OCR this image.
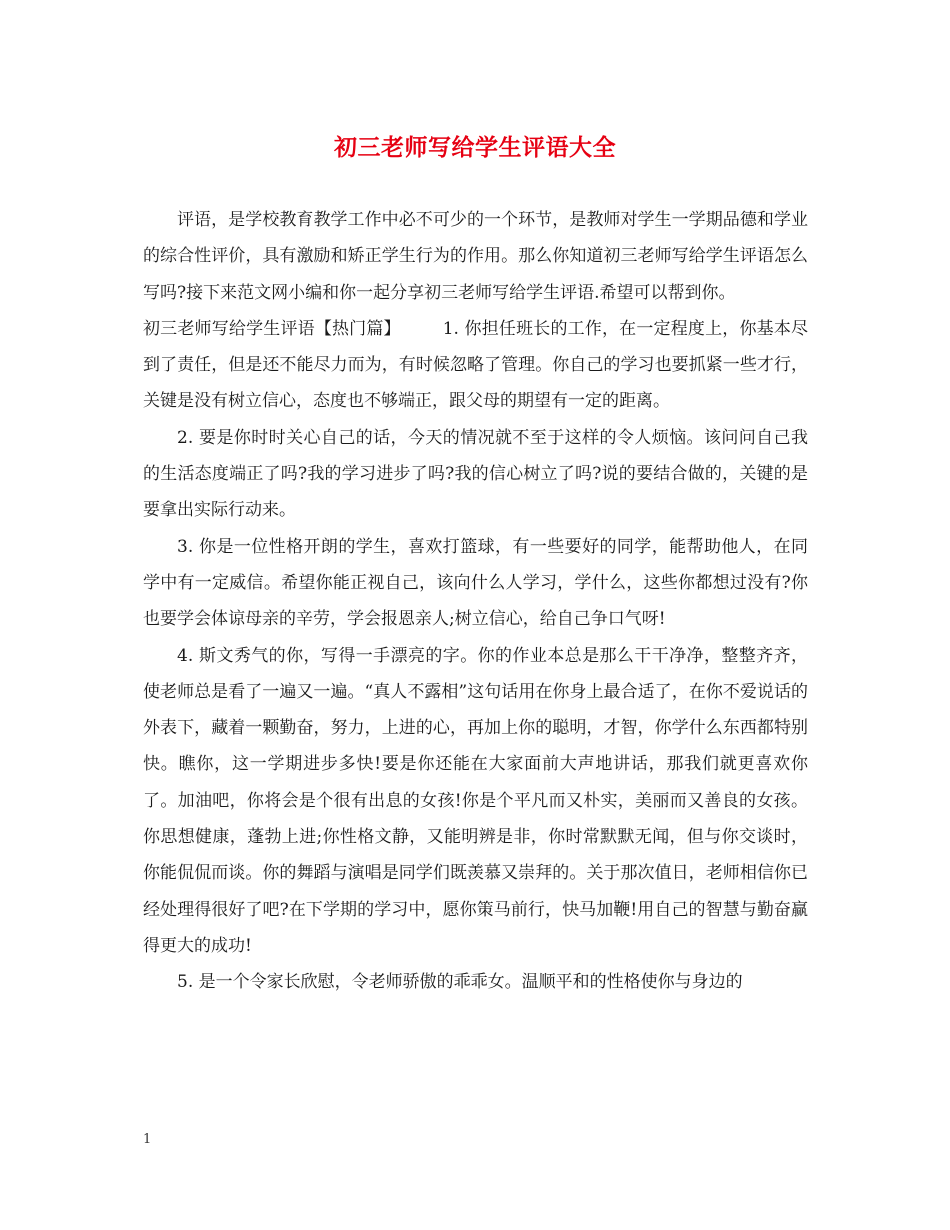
初三老师写给学生评语大全

评语，是学校教育教学工作中必不可少的一个环节，是教师对学生一学期品德和学业的综合性评价，具有激励和矫正学生行为的作用。那么你知道初三老师写给学生评语怎么写吗?接下来范文网小编和你一起分享初三老师写给学生评语.希望可以帮到你。

初三老师写给学生评语【热门篇】 1. 你担任班长的工作，在一定程度上，你基本尽到了责任，但是还不能尽力而为，有时候忽略了管理。你自己的学习也要抓紧一些才行，关键是没有树立信心，态度也不够端正，跟父母的期望有一定的距离。

2. 要是你时时关心自己的话，今天的情况就不至于这样的令人烦恼。该问问自己我的生活态度端正了吗?我的学习进步了吗?我的信心树立了吗?说的要结合做的，关键的是要拿出实际行动来。

3. 你是一位性格开朗的学生，喜欢打篮球，有一些要好的同学，能帮助他人，在同学中有一定威信。希望你能正视自己，该向什么人学习，学什么，这些你都想过没有?你也要学会体谅母亲的辛劳，学会报恩亲人;树立信心，给自己争口气呀!

4. 斯文秀气的你，写得一手漂亮的字。你的作业本总是那么干干净净，整整齐齐，使老师总是看了一遍又一遍。“真人不露相”这句话用在你身上最合适了，在你不爱说话的外表下，藏着一颗勤奋，努力，上进的心，再加上你的聪明，才智，你学什么东西都特别快。瞧你，这一学期进步多快!要是你还能在大家面前大声地讲话，那我们就更喜欢你了。加油吧，你将会是个很有出息的女孩!你是个平凡而又朴实，美丽而又善良的女孩。你思想健康，蓬勃上进;你性格文静，又能明辨是非，你时常默默无闻，但与你交谈时，你能侃侃而谈。你的舞蹈与演唱是同学们既羡慕又崇拜的。关于那次值日，老师相信你已经处理得很好了吧?在下学期的学习中，愿你策马前行，快马加鞭!用自己的智慧与勤奋赢得更大的成功!

5. 是一个令家长欣慰，令老师骄傲的乖乖女。温顺平和的性格使你与身边的

1
